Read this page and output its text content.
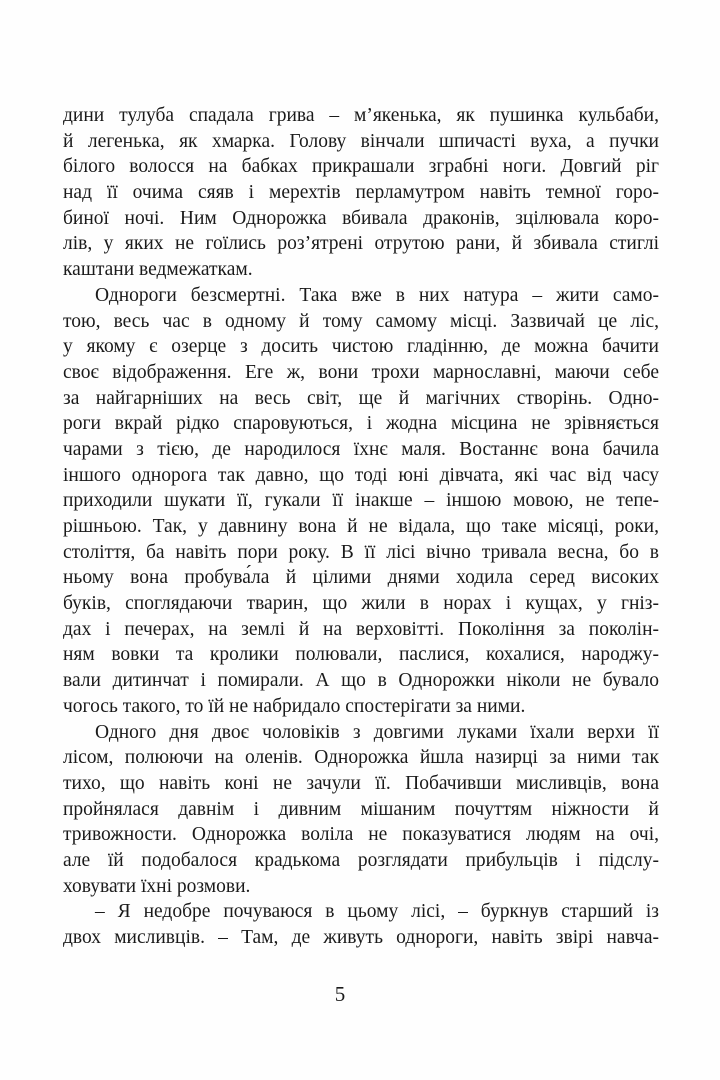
дини тулуба спадала грива – м’якенька, як пушинка кульбаби,
й легенька, як хмарка. Голову вінчали шпичасті вуха, а пучки
білого волосся на бабках прикрашали зграбні ноги. Довгий ріг
над її очима сяяв і мерехтів перламутром навіть темної горо-
биної ночі. Ним Однорожка вбивала драконів, зцілювала коро-
лів, у яких не гоїлись роз’ятрені отрутою рани, й збивала стиглі
каштани ведмежаткам.
Однороги безсмертні. Така вже в них натура – жити само-
тою, весь час в одному й тому самому місці. Зазвичай це ліс,
у якому є озерце з досить чистою гладінню, де можна бачити
своє відображення. Еге ж, вони трохи марнославні, маючи себе
за найгарніших на весь світ, ще й магічних створінь. Одно-
роги вкрай рідко спаровуються, і жодна місцина не зрівняється
чарами з тією, де народилося їхнє маля. Востаннє вона бачила
іншого однорога так давно, що тоді юні дівчата, які час від часу
приходили шукати її, гукали її інакше – іншою мовою, не тепе-
рішньою. Так, у давнину вона й не відала, що таке місяці, роки,
століття, ба навіть пори року. В її лісі вічно тривала весна, бо в
ньому вона пробува́ла й цілими днями ходила серед високих
буків, споглядаючи тварин, що жили в норах і кущах, у гніз-
дах і печерах, на землі й на верховітті. Покоління за поколін-
ням вовки та кролики полювали, паслися, кохалися, народжу-
вали дитинчат і помирали. А що в Однорожки ніколи не бувало
чогось такого, то їй не набридало спостерігати за ними.
Одного дня двоє чоловіків з довгими луками їхали верхи її
лісом, полюючи на оленів. Однорожка йшла назирці за ними так
тихо, що навіть коні не зачули її. Побачивши мисливців, вона
пройнялася давнім і дивним мішаним почуттям ніжности й
тривожности. Однорожка воліла не показуватися людям на очі,
але їй подобалося крадькома розглядати прибульців і підслу-
ховувати їхні розмови.
– Я недобре почуваюся в цьому лісі, – буркнув старший із
двох мисливців. – Там, де живуть однороги, навіть звірі навча-
5
